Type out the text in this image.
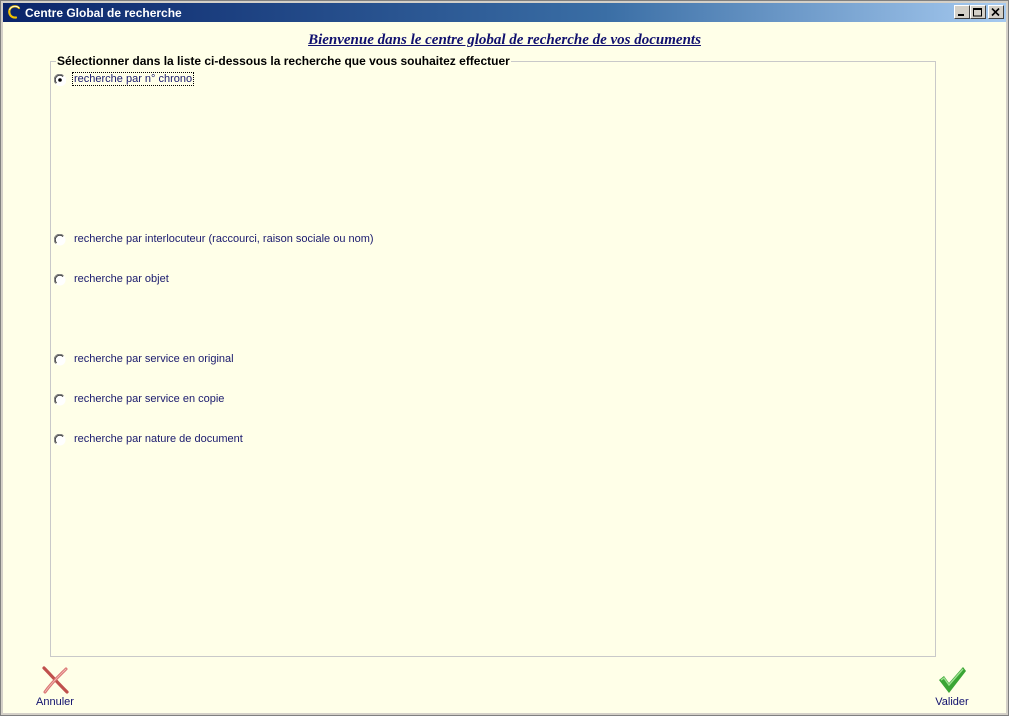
Centre Global de recherche
Bienvenue dans le centre global de recherche de vos documents
Sélectionner dans la liste ci-dessous la recherche que vous souhaitez effectuer
recherche par n° chrono
recherche par interlocuteur (raccourci, raison sociale ou nom)
recherche par objet
recherche par service en original
recherche par service en copie
recherche par nature de document
Annuler	Valider
